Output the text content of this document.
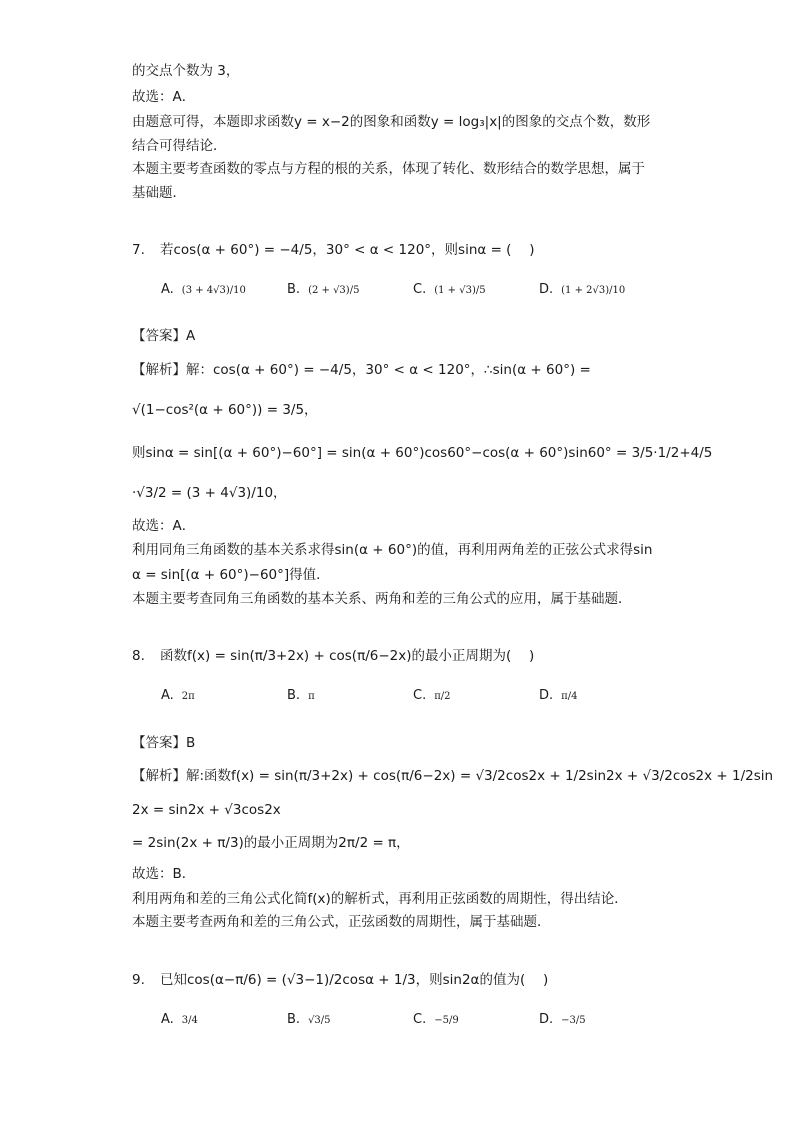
的交点个数为 3，
故选：A．
由题意可得，本题即求函数y = x−2的图象和函数y = log₃|x|的图象的交点个数，数形
结合可得结论．
本题主要考查函数的零点与方程的根的关系，体现了转化、数形结合的数学思想，属于
基础题．
7. 若cos(α + 60°) = −4/5，30° < α < 120°，则sinα = (　 )
A. (3 + 4√3)/10	B. (2 + √3)/5	C. (1 + √3)/5	D. (1 + 2√3)/10
【答案】A
【解析】解：cos(α + 60°) = −4/5，30° < α < 120°，∴sin(α + 60°) =
√(1−cos²(α + 60°)) = 3/5，
则sinα = sin[(α + 60°)−60°] = sin(α + 60°)cos60°−cos(α + 60°)sin60° = 3/5·1/2+4/5
·√3/2 = (3 + 4√3)/10，
故选：A．
利用同角三角函数的基本关系求得sin(α + 60°)的值，再利用两角差的正弦公式求得sin
α = sin[(α + 60°)−60°]得值．
本题主要考查同角三角函数的基本关系、两角和差的三角公式的应用，属于基础题．
8. 函数f(x) = sin(π/3+2x) + cos(π/6−2x)的最小正周期为(　 )
A. 2π	B. π	C. π/2	D. π/4
【答案】B
【解析】解:函数f(x) = sin(π/3+2x) + cos(π/6−2x) = √3/2cos2x + 1/2sin2x + √3/2cos2x + 1/2sin
2x = sin2x + √3cos2x
= 2sin(2x + π/3)的最小正周期为2π/2 = π，
故选：B．
利用两角和差的三角公式化简f(x)的解析式，再利用正弦函数的周期性，得出结论．
本题主要考查两角和差的三角公式，正弦函数的周期性，属于基础题．
9. 已知cos(α−π/6) = (√3−1)/2cosα + 1/3，则sin2α的值为(　 )
A. 3/4	B. √3/5	C. −5/9	D. −3/5
